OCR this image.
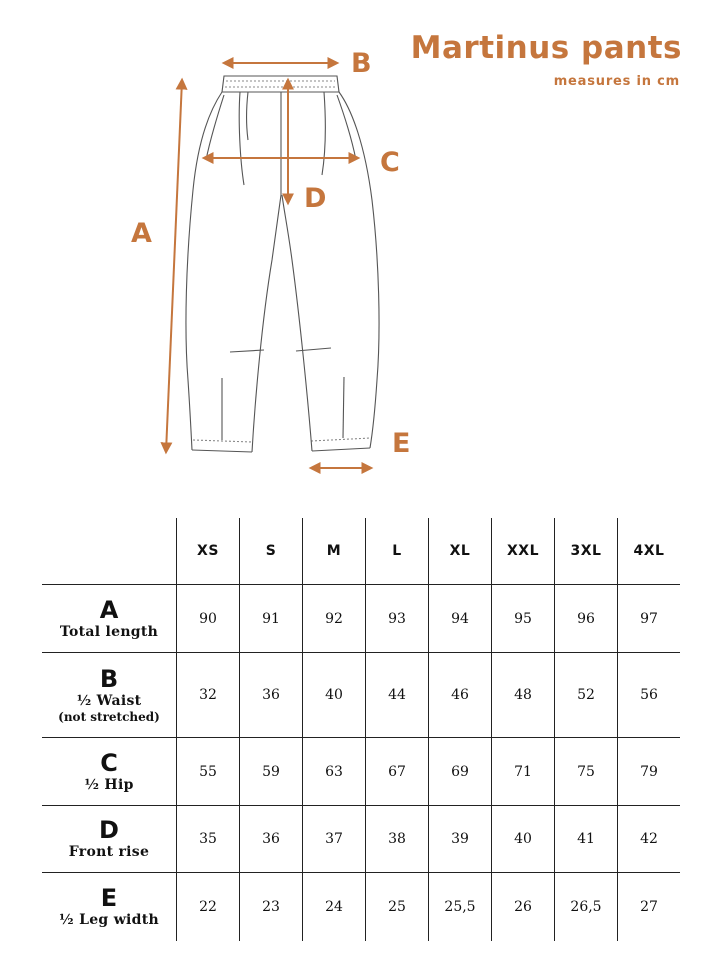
Martinus pants
measures in cm
A
B
C
D
E
	XS	S	M	L	XL	XXL	3XL	4XL

A
Total length	90	91	92	93	94	95	96	97

B
½ Waist
(not stretched)	32	36	40	44	46	48	52	56

C
½ Hip	55	59	63	67	69	71	75	79

D
Front rise	35	36	37	38	39	40	41	42

E
½ Leg width	22	23	24	25	25,5	26	26,5	27
